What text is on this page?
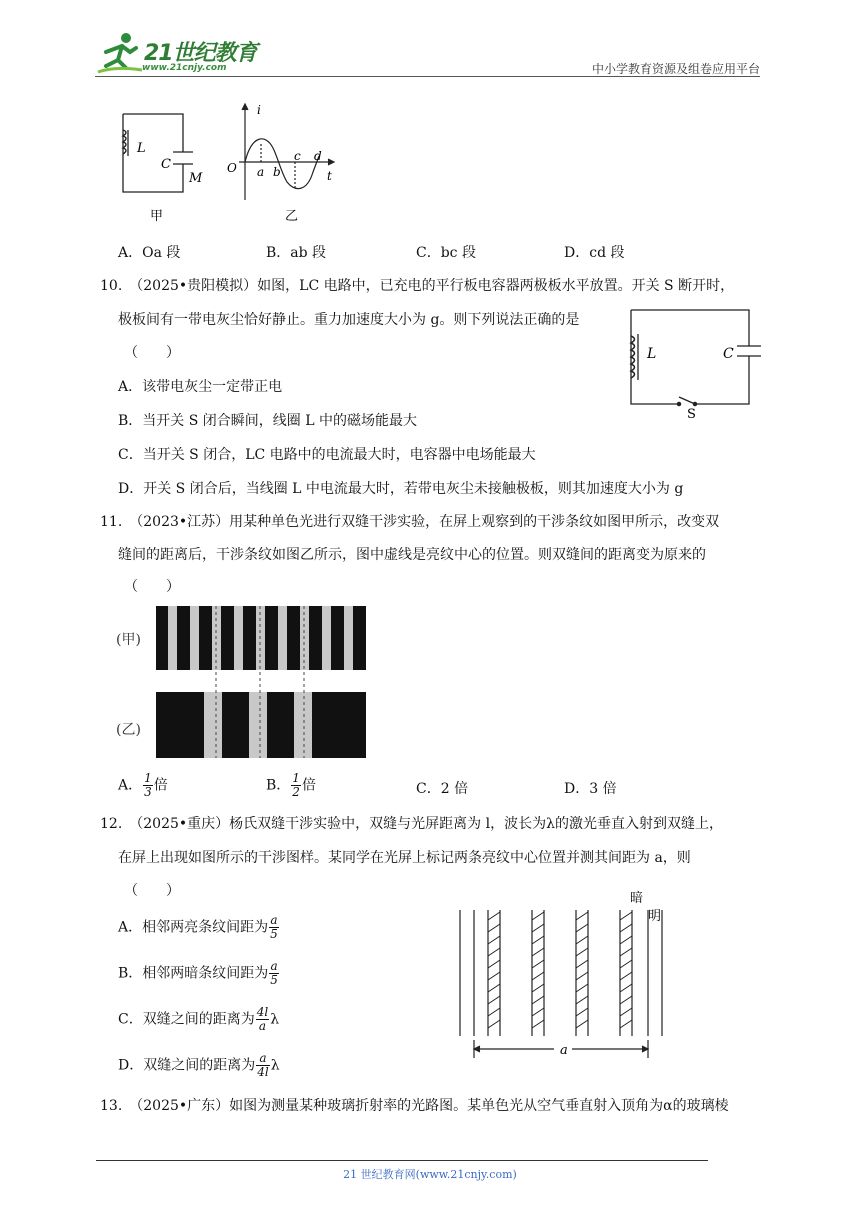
21世纪教育
www.21cnjy.com	中小学教育资源及组卷应用平台
L
C
M
甲
i
O a b
c d
t
乙
A．Oa 段	B．ab 段	C．bc 段	D．cd 段
10.　（2025•贵阳模拟）如图，LC 电路中，已充电的平行板电容器两极板水平放置。开关 S 断开时，
极板间有一带电灰尘恰好静止。重力加速度大小为 g。则下列说法正确的是
（　　）	L	C
S
A．该带电灰尘一定带正电
B．当开关 S 闭合瞬间，线圈 L 中的磁场能最大
C．当开关 S 闭合，LC 电路中的电流最大时，电容器中电场能最大
D．开关 S 闭合后，当线圈 L 中电流最大时，若带电灰尘未接触极板，则其加速度大小为 g
11.　（2023•江苏）用某种单色光进行双缝干涉实验，在屏上观察到的干涉条纹如图甲所示，改变双
缝间的距离后，干涉条纹如图乙所示，图中虚线是亮纹中心的位置。则双缝间的距离变为原来的
（　　）
(甲)
(乙)
A． $\frac{1}{3}$ 倍	B． $\frac{1}{2}$ 倍	C．2 倍	D．3 倍
12.　（2025•重庆）杨氏双缝干涉实验中，双缝与光屏距离为 l，波长为λ的激光垂直入射到双缝上，
在屏上出现如图所示的干涉图样。某同学在光屏上标记两条亮纹中心位置并测其间距为 a，则
（　　）
A．相邻两亮条纹间距为 $\frac{a}{5}$
B．相邻两暗条纹间距为 $\frac{a}{5}$
C．双缝之间的距离为 $\frac{4l}{a}$ λ
D．双缝之间的距离为 $\frac{a}{4l}$ λ
暗
明
a
13.　（2025•广东）如图为测量某种玻璃折射率的光路图。某单色光从空气垂直射入顶角为α的玻璃棱
21 世纪教育网(www.21cnjy.com)
